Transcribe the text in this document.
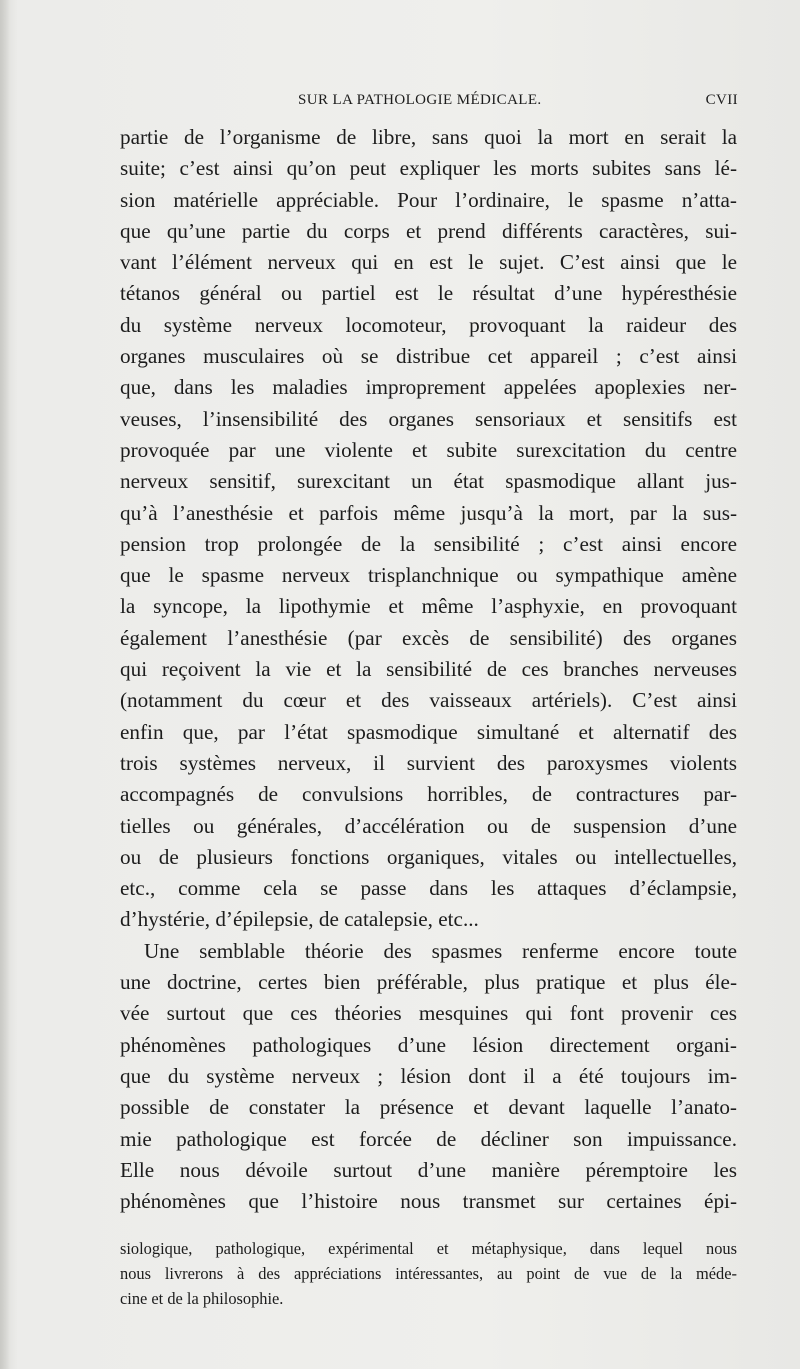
SUR LA PATHOLOGIE MÉDICALE.	CVII
partie de l’organisme de libre, sans quoi la mort en serait la
suite; c’est ainsi qu’on peut expliquer les morts subites sans lé-
sion matérielle appréciable. Pour l’ordinaire, le spasme n’atta-
que qu’une partie du corps et prend différents caractères, sui-
vant l’élément nerveux qui en est le sujet. C’est ainsi que le
tétanos général ou partiel est le résultat d’une hypéresthésie
du système nerveux locomoteur, provoquant la raideur des
organes musculaires où se distribue cet appareil ; c’est ainsi
que, dans les maladies improprement appelées apoplexies ner-
veuses, l’insensibilité des organes sensoriaux et sensitifs est
provoquée par une violente et subite surexcitation du centre
nerveux sensitif, surexcitant un état spasmodique allant jus-
qu’à l’anesthésie et parfois même jusqu’à la mort, par la sus-
pension trop prolongée de la sensibilité ; c’est ainsi encore
que le spasme nerveux trisplanchnique ou sympathique amène
la syncope, la lipothymie et même l’asphyxie, en provoquant
également l’anesthésie (par excès de sensibilité) des organes
qui reçoivent la vie et la sensibilité de ces branches nerveuses
(notamment du cœur et des vaisseaux artériels). C’est ainsi
enfin que, par l’état spasmodique simultané et alternatif des
trois systèmes nerveux, il survient des paroxysmes violents
accompagnés de convulsions horribles, de contractures par-
tielles ou générales, d’accélération ou de suspension d’une
ou de plusieurs fonctions organiques, vitales ou intellectuelles,
etc., comme cela se passe dans les attaques d’éclampsie,
d’hystérie, d’épilepsie, de catalepsie, etc...
Une semblable théorie des spasmes renferme encore toute
une doctrine, certes bien préférable, plus pratique et plus éle-
vée surtout que ces théories mesquines qui font provenir ces
phénomènes pathologiques d’une lésion directement organi-
que du système nerveux ; lésion dont il a été toujours im-
possible de constater la présence et devant laquelle l’anato-
mie pathologique est forcée de décliner son impuissance.
Elle nous dévoile surtout d’une manière péremptoire les
phénomènes que l’histoire nous transmet sur certaines épi-
siologique, pathologique, expérimental et métaphysique, dans lequel nous
nous livrerons à des appréciations intéressantes, au point de vue de la méde-
cine et de la philosophie.
